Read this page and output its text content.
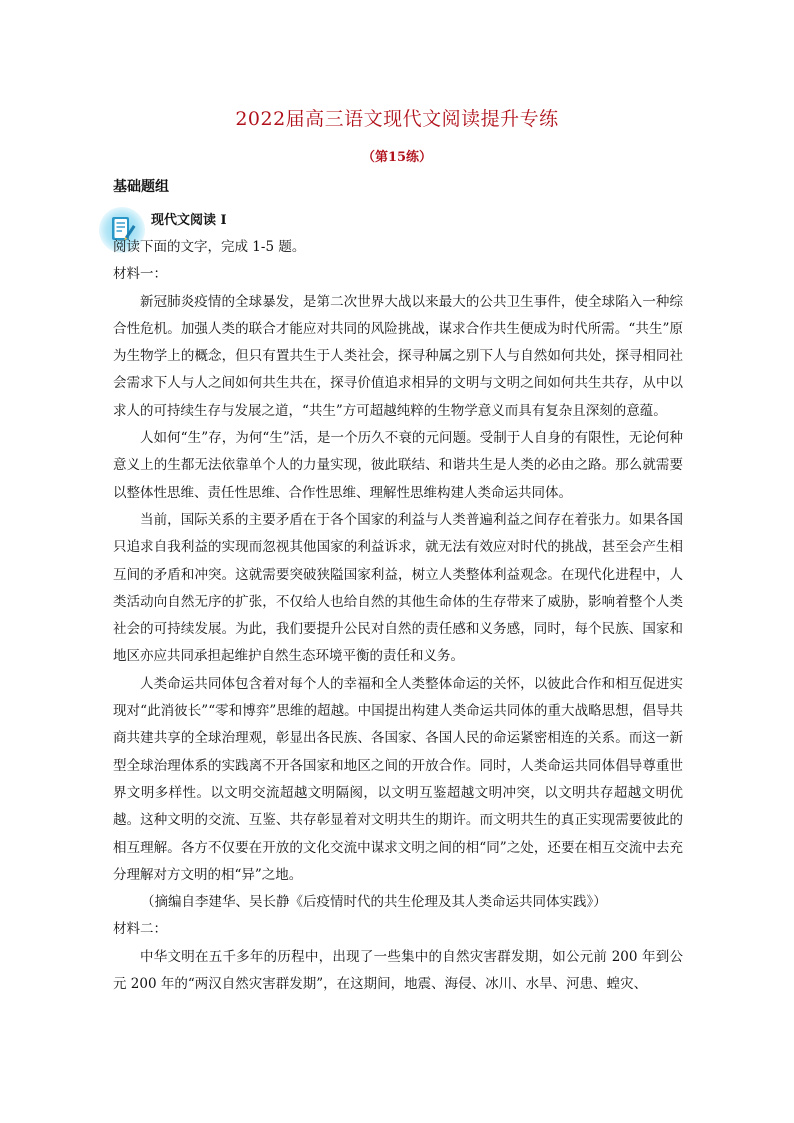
2022届高三语文现代文阅读提升专练
（第15练）
基础题组
现代文阅读 I

阅读下面的文字，完成 1-5 题。

材料一：

新冠肺炎疫情的全球暴发，是第二次世界大战以来最大的公共卫生事件，使全球陷入一种综合性危机。加强人类的联合才能应对共同的风险挑战，谋求合作共生便成为时代所需。“共生”原为生物学上的概念，但只有置共生于人类社会，探寻种属之别下人与自然如何共处，探寻相同社会需求下人与人之间如何共生共在，探寻价值追求相异的文明与文明之间如何共生共存，从中以求人的可持续生存与发展之道，“共生”方可超越纯粹的生物学意义而具有复杂且深刻的意蕴。

人如何“生”存，为何“生”活，是一个历久不衰的元问题。受制于人自身的有限性，无论何种意义上的生都无法依靠单个人的力量实现，彼此联结、和谐共生是人类的必由之路。那么就需要以整体性思维、责任性思维、合作性思维、理解性思维构建人类命运共同体。

当前，国际关系的主要矛盾在于各个国家的利益与人类普遍利益之间存在着张力。如果各国只追求自我利益的实现而忽视其他国家的利益诉求，就无法有效应对时代的挑战，甚至会产生相互间的矛盾和冲突。这就需要突破狭隘国家利益，树立人类整体利益观念。在现代化进程中，人类活动向自然无序的扩张，不仅给人也给自然的其他生命体的生存带来了威胁，影响着整个人类社会的可持续发展。为此，我们要提升公民对自然的责任感和义务感，同时，每个民族、国家和地区亦应共同承担起维护自然生态环境平衡的责任和义务。

人类命运共同体包含着对每个人的幸福和全人类整体命运的关怀，以彼此合作和相互促进实现对“此消彼长”“零和博弈”思维的超越。中国提出构建人类命运共同体的重大战略思想，倡导共商共建共享的全球治理观，彰显出各民族、各国家、各国人民的命运紧密相连的关系。而这一新型全球治理体系的实践离不开各国家和地区之间的开放合作。同时，人类命运共同体倡导尊重世界文明多样性。以文明交流超越文明隔阂，以文明互鉴超越文明冲突，以文明共存超越文明优越。这种文明的交流、互鉴、共存彰显着对文明共生的期许。而文明共生的真正实现需要彼此的相互理解。各方不仅要在开放的文化交流中谋求文明之间的相“同”之处，还要在相互交流中去充分理解对方文明的相“异”之地。

（摘编自李建华、吴长静《后疫情时代的共生伦理及其人类命运共同体实践》）

材料二：

中华文明在五千多年的历程中，出现了一些集中的自然灾害群发期，如公元前 200 年到公元 200 年的“两汉自然灾害群发期”，在这期间，地震、海侵、冰川、水旱、河患、蝗灾、
